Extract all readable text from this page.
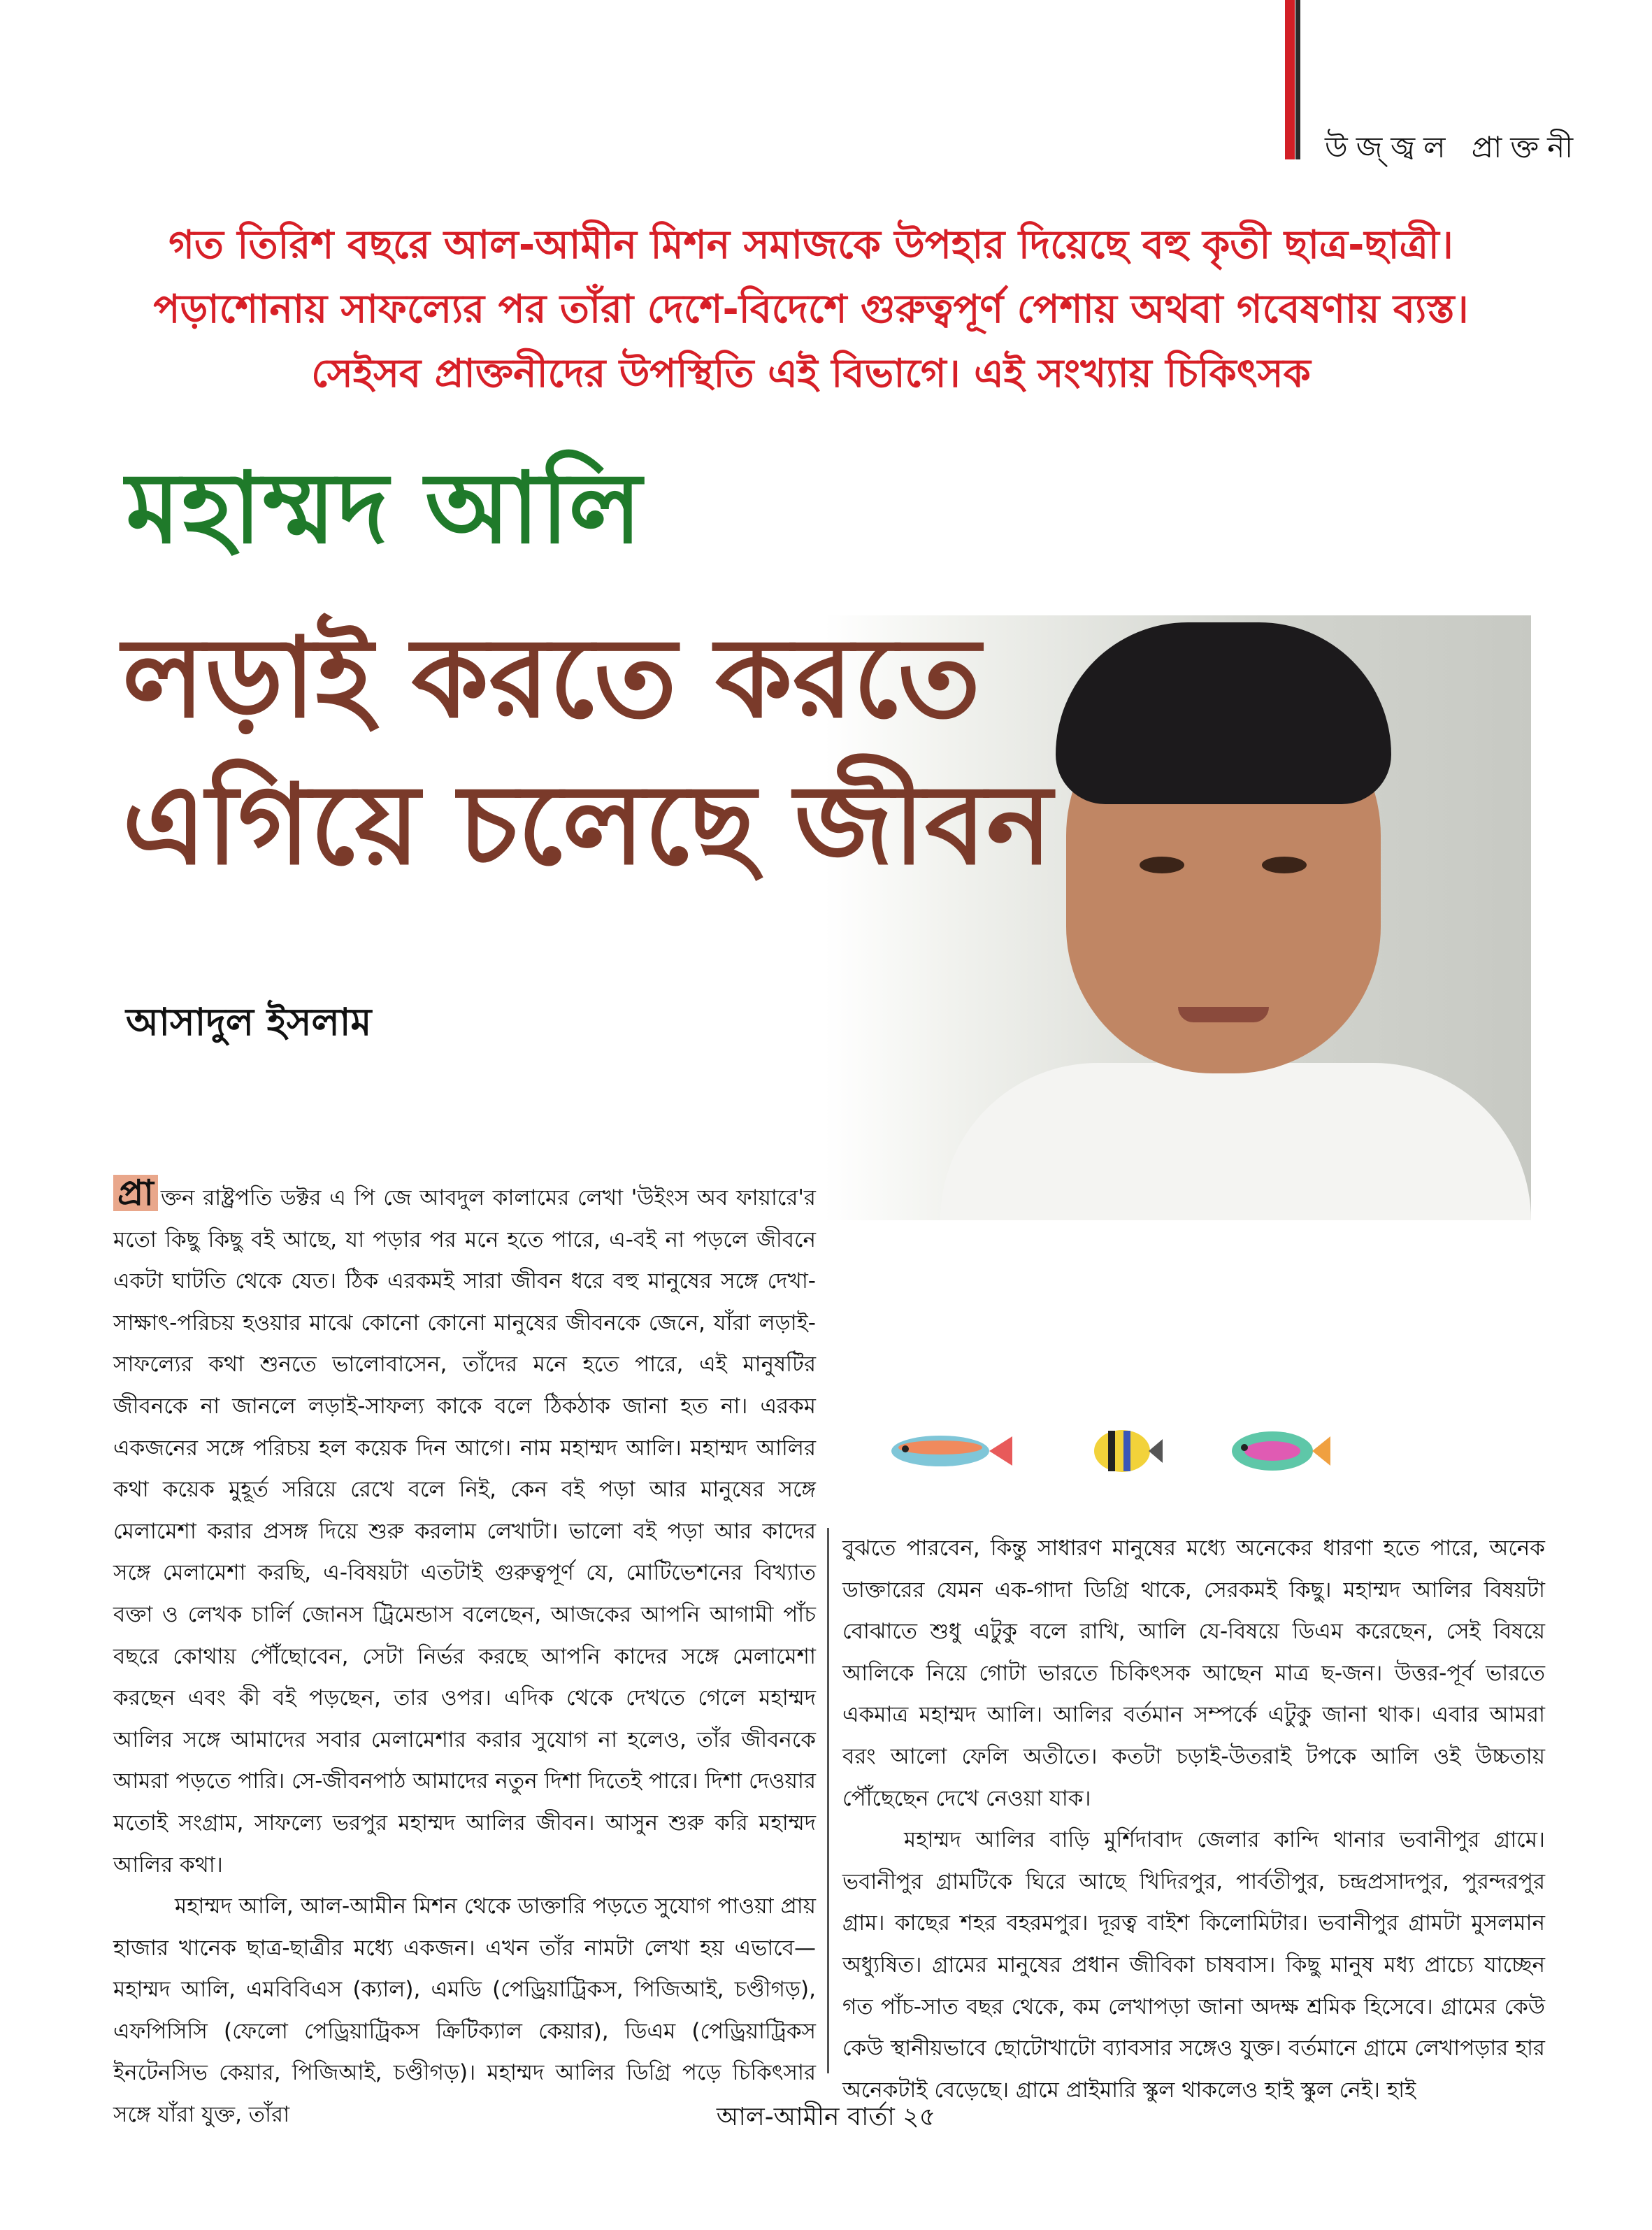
উজ্জ্বল প্রাক্তনী
গত তিরিশ বছরে আল-আমীন মিশন সমাজকে উপহার দিয়েছে বহু কৃতী ছাত্র-ছাত্রী।
পড়াশোনায় সাফল্যের পর তাঁরা দেশে-বিদেশে গুরুত্বপূর্ণ পেশায় অথবা গবেষণায় ব্যস্ত।
সেইসব প্রাক্তনীদের উপস্থিতি এই বিভাগে। এই সংখ্যায় চিকিৎসক
মহাম্মদ আলি
লড়াই করতে করতে
এগিয়ে চলেছে জীবন
আসাদুল ইসলাম

প্রা ক্তন রাষ্ট্রপতি ডক্টর এ পি জে আবদুল কালামের লেখা 'উইংস অব ফায়ারে'র মতো কিছু কিছু বই আছে, যা পড়ার পর মনে হতে পারে, এ-বই না পড়লে জীবনে একটা ঘাটতি থেকে যেত। ঠিক এরকমই সারা জীবন ধরে বহু মানুষের সঙ্গে দেখা-সাক্ষাৎ-পরিচয় হওয়ার মাঝে কোনো কোনো মানুষের জীবনকে জেনে, যাঁরা লড়াই-সাফল্যের কথা শুনতে ভালোবাসেন, তাঁদের মনে হতে পারে, এই মানুষটির জীবনকে না জানলে লড়াই-সাফল্য কাকে বলে ঠিকঠাক জানা হত না। এরকম একজনের সঙ্গে পরিচয় হল কয়েক দিন আগে। নাম মহাম্মদ আলি। মহাম্মদ আলির কথা কয়েক মুহূর্ত সরিয়ে রেখে বলে নিই, কেন বই পড়া আর মানুষের সঙ্গে মেলামেশা করার প্রসঙ্গ দিয়ে শুরু করলাম লেখাটা। ভালো বই পড়া আর কাদের সঙ্গে মেলামেশা করছি, এ-বিষয়টা এতটাই গুরুত্বপূর্ণ যে, মোটিভেশনের বিখ্যাত বক্তা ও লেখক চার্লি জোনস ট্রিমেন্ডাস বলেছেন, আজকের আপনি আগামী পাঁচ বছরে কোথায় পৌঁছোবেন, সেটা নির্ভর করছে আপনি কাদের সঙ্গে মেলামেশা করছেন এবং কী বই পড়ছেন, তার ওপর। এদিক থেকে দেখতে গেলে মহাম্মদ আলির সঙ্গে আমাদের সবার মেলামেশার করার সুযোগ না হলেও, তাঁর জীবনকে আমরা পড়তে পারি। সে-জীবনপাঠ আমাদের নতুন দিশা দিতেই পারে। দিশা দেওয়ার মতোই সংগ্রাম, সাফল্যে ভরপুর মহাম্মদ আলির জীবন। আসুন শুরু করি মহাম্মদ আলির কথা।

মহাম্মদ আলি, আল-আমীন মিশন থেকে ডাক্তারি পড়তে সুযোগ পাওয়া প্রায় হাজার খানেক ছাত্র-ছাত্রীর মধ্যে একজন। এখন তাঁর নামটা লেখা হয় এভাবে— মহাম্মদ আলি, এমবিবিএস (ক্যাল), এমডি (পেড্রিয়াট্রিকস, পিজিআই, চণ্ডীগড়), এফপিসিসি (ফেলো পেড্রিয়াট্রিকস ক্রিটিক্যাল কেয়ার), ডিএম (পেড্রিয়াট্রিকস ইনটেনসিভ কেয়ার, পিজিআই, চণ্ডীগড়)। মহাম্মদ আলির ডিগ্রি পড়ে চিকিৎসার সঙ্গে যাঁরা যুক্ত, তাঁরা

বুঝতে পারবেন, কিন্তু সাধারণ মানুষের মধ্যে অনেকের ধারণা হতে পারে, অনেক ডাক্তারের যেমন এক-গাদা ডিগ্রি থাকে, সেরকমই কিছু। মহাম্মদ আলির বিষয়টা বোঝাতে শুধু এটুকু বলে রাখি, আলি যে-বিষয়ে ডিএম করেছেন, সেই বিষয়ে আলিকে নিয়ে গোটা ভারতে চিকিৎসক আছেন মাত্র ছ-জন। উত্তর-পূর্ব ভারতে একমাত্র মহাম্মদ আলি। আলির বর্তমান সম্পর্কে এটুকু জানা থাক। এবার আমরা বরং আলো ফেলি অতীতে। কতটা চড়াই-উতরাই টপকে আলি ওই উচ্চতায় পৌঁছেছেন দেখে নেওয়া যাক।

মহাম্মদ আলির বাড়ি মুর্শিদাবাদ জেলার কান্দি থানার ভবানীপুর গ্রামে। ভবানীপুর গ্রামটিকে ঘিরে আছে খিদিরপুর, পার্বতীপুর, চন্দ্রপ্রসাদপুর, পুরন্দরপুর গ্রাম। কাছের শহর বহরমপুর। দূরত্ব বাইশ কিলোমিটার। ভবানীপুর গ্রামটা মুসলমান অধ্যুষিত। গ্রামের মানুষের প্রধান জীবিকা চাষবাস। কিছু মানুষ মধ্য প্রাচ্যে যাচ্ছেন গত পাঁচ-সাত বছর থেকে, কম লেখাপড়া জানা অদক্ষ শ্রমিক হিসেবে। গ্রামের কেউ কেউ স্থানীয়ভাবে ছোটোখাটো ব্যাবসার সঙ্গেও যুক্ত। বর্তমানে গ্রামে লেখাপড়ার হার অনেকটাই বেড়েছে। গ্রামে প্রাইমারি স্কুল থাকলেও হাই স্কুল নেই। হাই

আল-আমীন বার্তা ২৫
